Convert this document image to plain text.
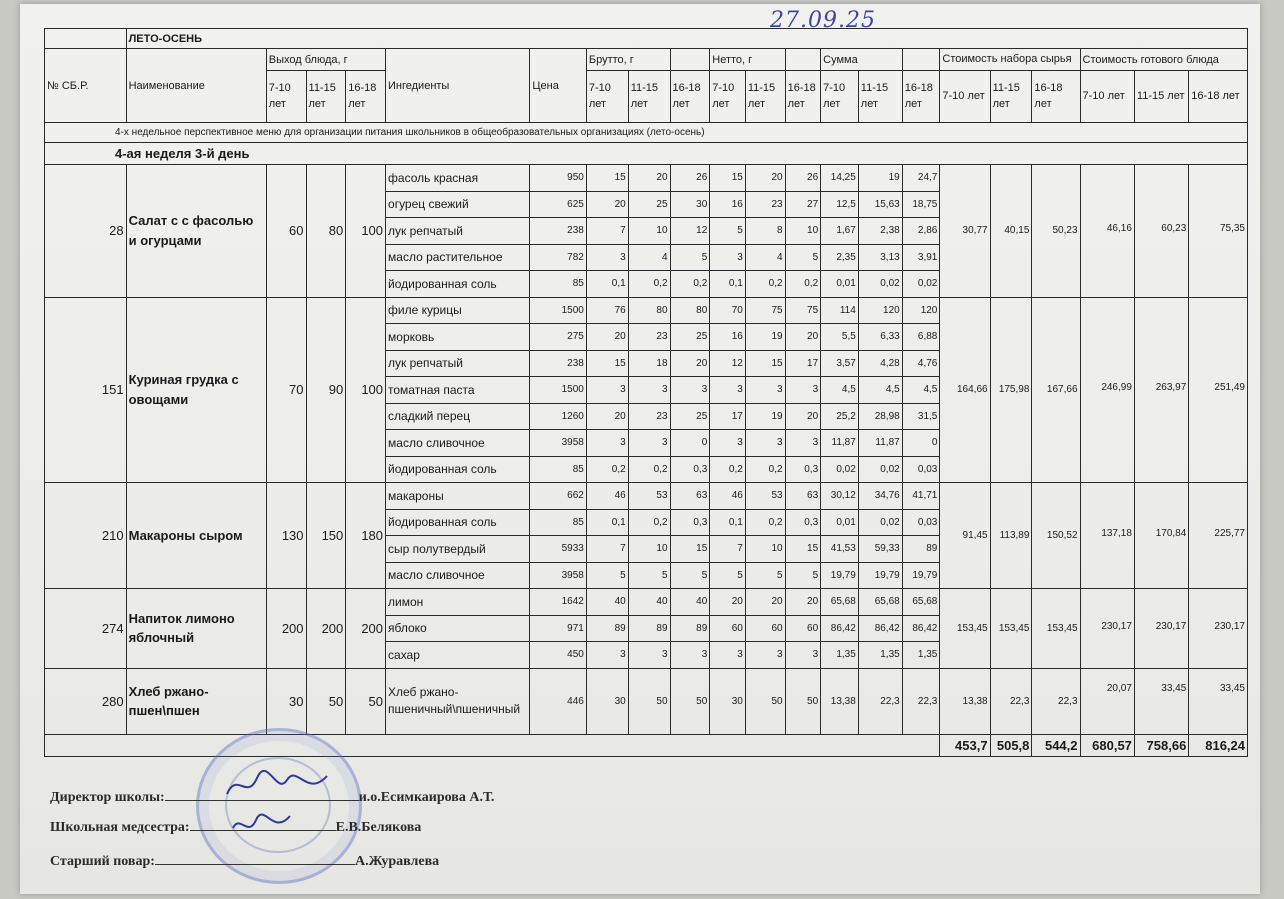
27.09.25
	ЛЕТО-ОСЕНЬ																				
№ СБ.Р.	Наименование	Выход блюда, г			Ингедиенты	Цена	Брутто, г			Нетто, г			Сумма			Стоимость набора сырья			Стоимость готового блюда		
		7-10 лет	11-15 лет	16-18 лет			7-10 лет	11-15 лет	16-18 лет	7-10 лет	11-15 лет	16-18 лет	7-10 лет	11-15 лет	16-18 лет	7-10 лет	11-15 лет	16-18 лет	7-10 лет	11-15 лет	16-18 лет
4-х недельное перспективное меню для организации питания школьников в общеобразовательных организациях (лето-осень)																					
4-ая неделя 3-й день																					
28	Салат с с фасолью и огурцами	60	80	100	фасоль красная	950	15	20	26	15	20	26	14,25	19	24,7	30,77	40,15	50,23	46,16	60,23	75,35
					огурец свежий	625	20	25	30	16	23	27	12,5	15,63	18,75						
					лук репчатый	238	7	10	12	5	8	10	1,67	2,38	2,86						
					масло растительное	782	3	4	5	3	4	5	2,35	3,13	3,91						
					йодированная соль	85	0,1	0,2	0,2	0,1	0,2	0,2	0,01	0,02	0,02						
151	Куриная грудка с овощами	70	90	100	филе курицы	1500	76	80	80	70	75	75	114	120	120	164,66	175,98	167,66	246,99	263,97	251,49
					морковь	275	20	23	25	16	19	20	5,5	6,33	6,88						
					лук репчатый	238	15	18	20	12	15	17	3,57	4,28	4,76						
					томатная паста	1500	3	3	3	3	3	3	4,5	4,5	4,5						
					сладкий перец	1260	20	23	25	17	19	20	25,2	28,98	31,5						
					масло сливочное	3958	3	3	0	3	3	3	11,87	11,87	0						
					йодированная соль	85	0,2	0,2	0,3	0,2	0,2	0,3	0,02	0,02	0,03						
210	Макароны сыром	130	150	180	макароны	662	46	53	63	46	53	63	30,12	34,76	41,71	91,45	113,89	150,52	137,18	170,84	225,77
					йодированная соль	85	0,1	0,2	0,3	0,1	0,2	0,3	0,01	0,02	0,03						
					сыр полутвердый	5933	7	10	15	7	10	15	41,53	59,33	89						
					масло сливочное	3958	5	5	5	5	5	5	19,79	19,79	19,79						
274	Напиток лимоно яблочный	200	200	200	лимон	1642	40	40	40	20	20	20	65,68	65,68	65,68	153,45	153,45	153,45	230,17	230,17	230,17
					яблоко	971	89	89	89	60	60	60	86,42	86,42	86,42						
					сахар	450	3	3	3	3	3	3	1,35	1,35	1,35						
280	Хлеб ржано-пшен\пшен	30	50	50	Хлеб ржано-пшеничный\пшеничный	446	30	50	50	30	50	50	13,38	22,3	22,3	13,38	22,3	22,3	20,07	33,45	33,45
																453,7	505,8	544,2	680,57	758,66	816,24
Директор школы:	и.о.Есимкаирова А.Т.
Школьная медсестра:	Е.В.Белякова
Старший повар:	А.Журавлева
